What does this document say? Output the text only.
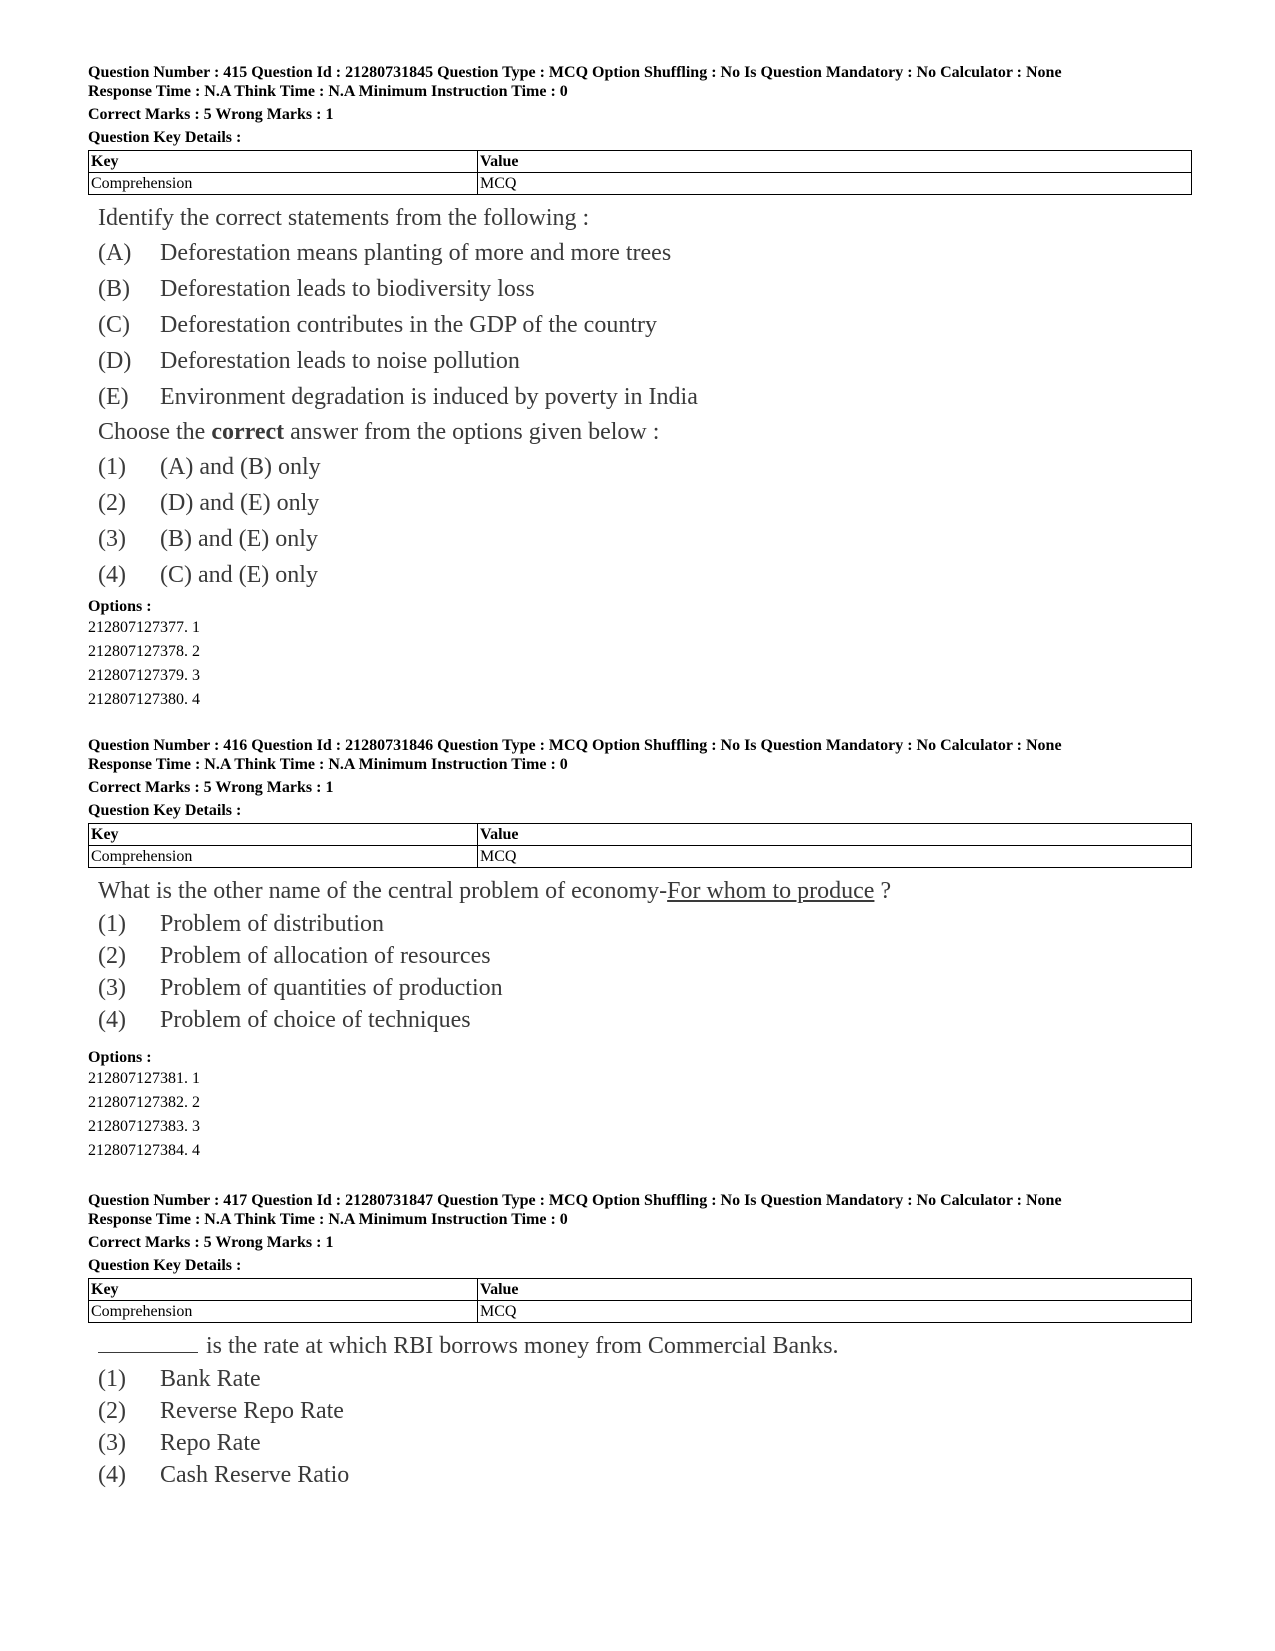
Question Number : 415 Question Id : 21280731845 Question Type : MCQ Option Shuffling : No Is Question Mandatory : No Calculator : None
Response Time : N.A Think Time : N.A Minimum Instruction Time : 0
Correct Marks : 5 Wrong Marks : 1
Question Key Details :
Key	Value
Comprehension	MCQ
Identify the correct statements from the following :
(A)	Deforestation means planting of more and more trees
(B)	Deforestation leads to biodiversity loss
(C)	Deforestation contributes in the GDP of the country
(D)	Deforestation leads to noise pollution
(E)	Environment degradation is induced by poverty in India
Choose the correct answer from the options given below :
(1)	(A) and (B) only
(2)	(D) and (E) only
(3)	(B) and (E) only
(4)	(C) and (E) only
Options :
212807127377. 1
212807127378. 2
212807127379. 3
212807127380. 4
Question Number : 416 Question Id : 21280731846 Question Type : MCQ Option Shuffling : No Is Question Mandatory : No Calculator : None
Response Time : N.A Think Time : N.A Minimum Instruction Time : 0
Correct Marks : 5 Wrong Marks : 1
Question Key Details :
Key	Value
Comprehension	MCQ
What is the other name of the central problem of economy-For whom to produce ?
(1)	Problem of distribution
(2)	Problem of allocation of resources
(3)	Problem of quantities of production
(4)	Problem of choice of techniques
Options :
212807127381. 1
212807127382. 2
212807127383. 3
212807127384. 4
Question Number : 417 Question Id : 21280731847 Question Type : MCQ Option Shuffling : No Is Question Mandatory : No Calculator : None
Response Time : N.A Think Time : N.A Minimum Instruction Time : 0
Correct Marks : 5 Wrong Marks : 1
Question Key Details :
Key	Value
Comprehension	MCQ
is the rate at which RBI borrows money from Commercial Banks.
(1)	Bank Rate
(2)	Reverse Repo Rate
(3)	Repo Rate
(4)	Cash Reserve Ratio
